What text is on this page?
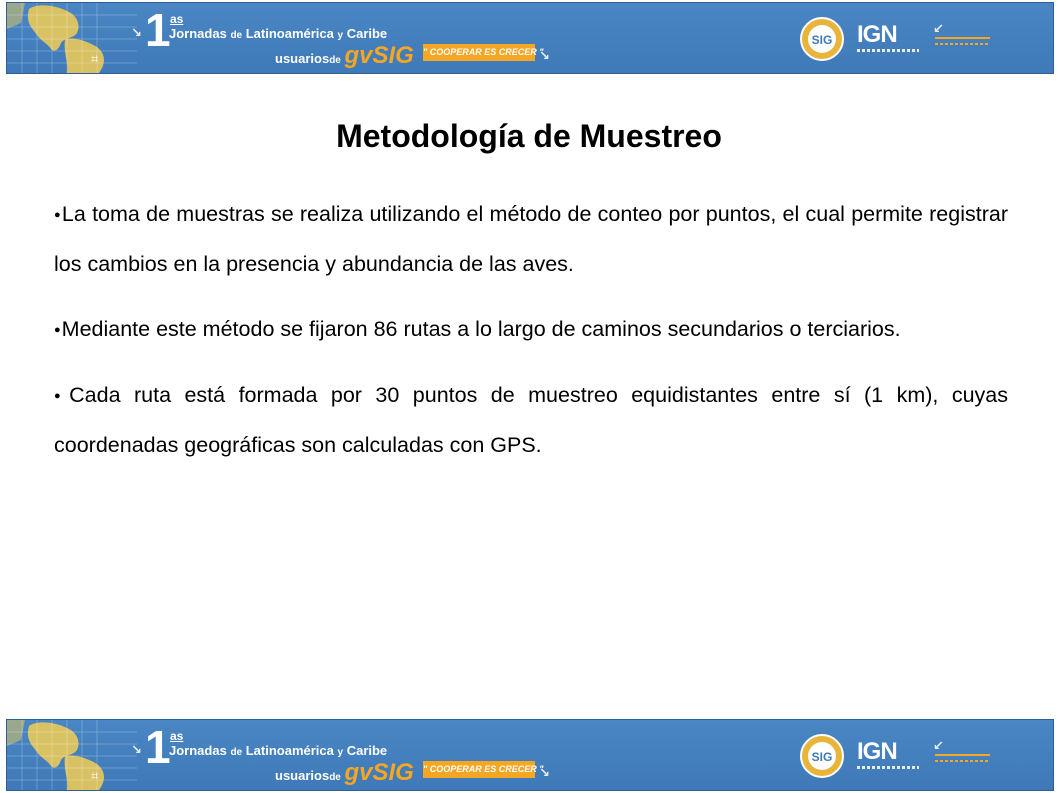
⌗
↘ 1 as
Jornadas de Latinoamérica y Caribe
usuariosde gvSIG " COOPERAR ES CRECER "
↘
SIG IGN	↙
Metodología de Muestreo

●La toma de muestras se realiza utilizando el método de conteo por puntos, el cual permite registrar los cambios en la presencia y abundancia de las aves.

●Mediante este método se fijaron 86 rutas a lo largo de caminos secundarios o terciarios.

●Cada ruta está formada por 30 puntos de muestreo equidistantes entre sí (1 km), cuyas coordenadas geográficas son calculadas con GPS.

⌗
↘ 1 as
Jornadas de Latinoamérica y Caribe
usuariosde gvSIG " COOPERAR ES CRECER "
↘
SIG IGN	↙
